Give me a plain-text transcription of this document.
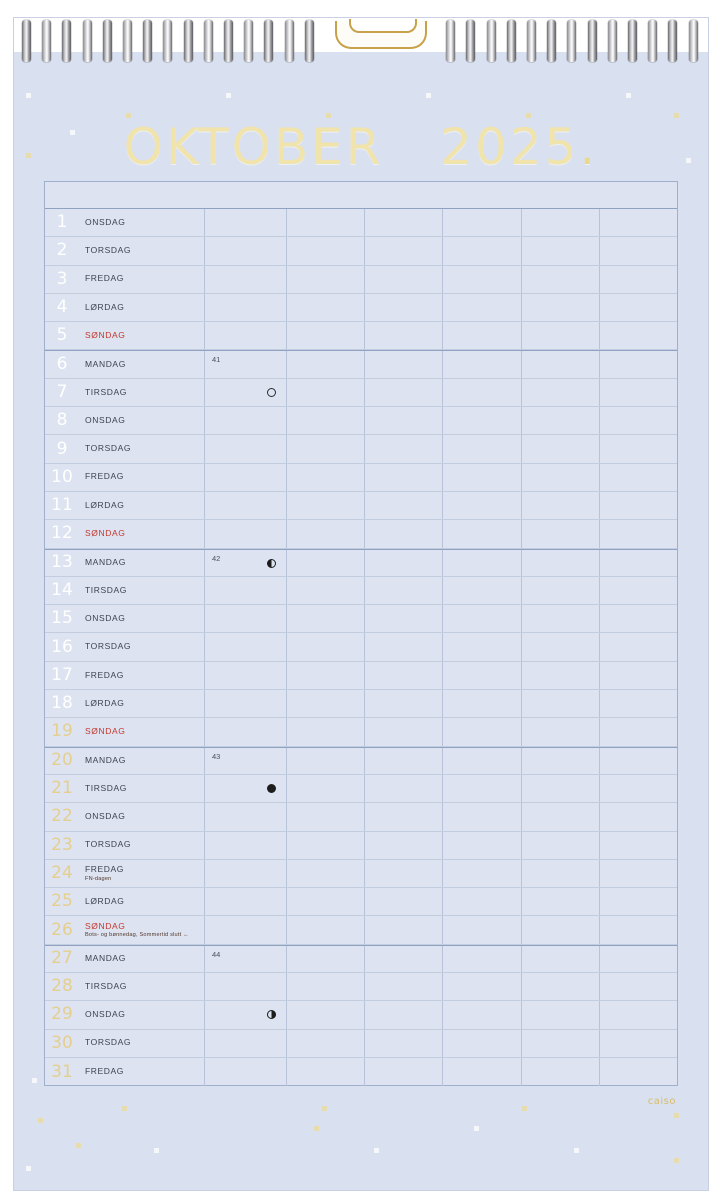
OKTOBER 2025.
1	ONSDAG
2	TORSDAG
3	FREDAG
4	LØRDAG
5	SØNDAG
6	MANDAG	41
7	TIRSDAG
8	ONSDAG
9	TORSDAG
10	FREDAG
11	LØRDAG
12	SØNDAG
13	MANDAG	42
14	TIRSDAG
15	ONSDAG
16	TORSDAG
17	FREDAG
18	LØRDAG
19	SØNDAG
20	MANDAG	43
21	TIRSDAG
22	ONSDAG
23	TORSDAG
24	FREDAG
FN-dagen
25	LØRDAG
26	SØNDAG
Bots- og bønnedag, Sommertid slutt ←
27	MANDAG	44
28	TIRSDAG
29	ONSDAG
30	TORSDAG
31	FREDAG
caiso
